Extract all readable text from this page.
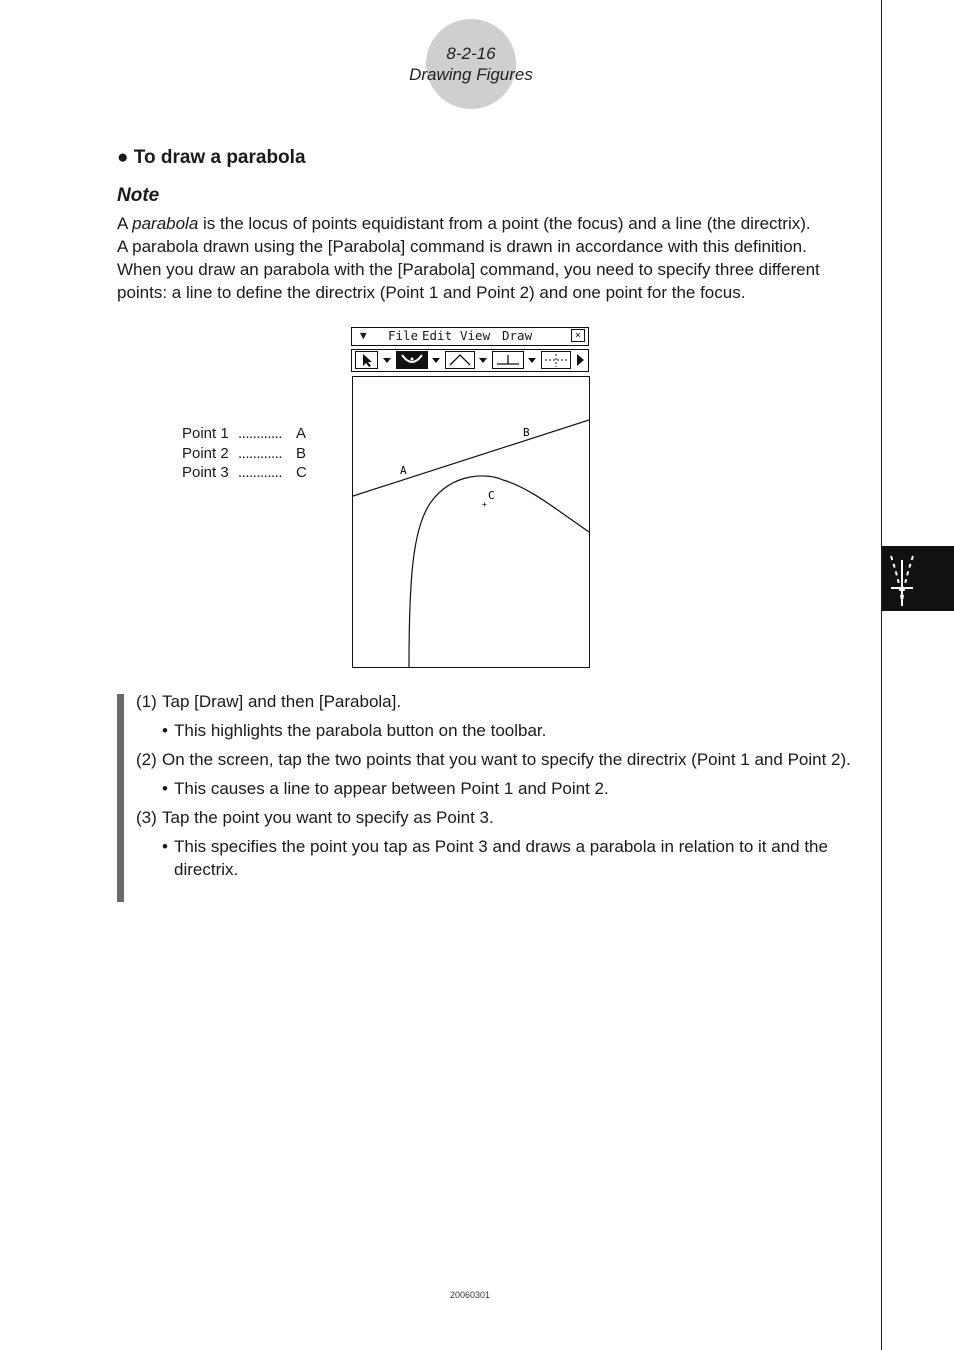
8-2-16
Drawing Figures
● To draw a parabola
Note

A parabola is the locus of points equidistant from a point (the focus) and a line (the directrix).

A parabola drawn using the [Parabola] command is drawn in accordance with this definition.

When you draw an parabola with the [Parabola] command, you need to specify three different points: a line to define the directrix (Point 1 and Point 2) and one point for the focus.

Point 1 ............ A
Point 2 ............ B
Point 3 ............ C
▼ File Edit View Draw	×
A
B
C
+
(1) Tap [Draw] and then [Parabola].
• This highlights the parabola button on the toolbar.
(2) On the screen, tap the two points that you want to specify the directrix (Point 1 and Point 2).
• This causes a line to appear between Point 1 and Point 2.
(3) Tap the point you want to specify as Point 3.
• This specifies the point you tap as Point 3 and draws a parabola in relation to it and the directrix.
20060301
